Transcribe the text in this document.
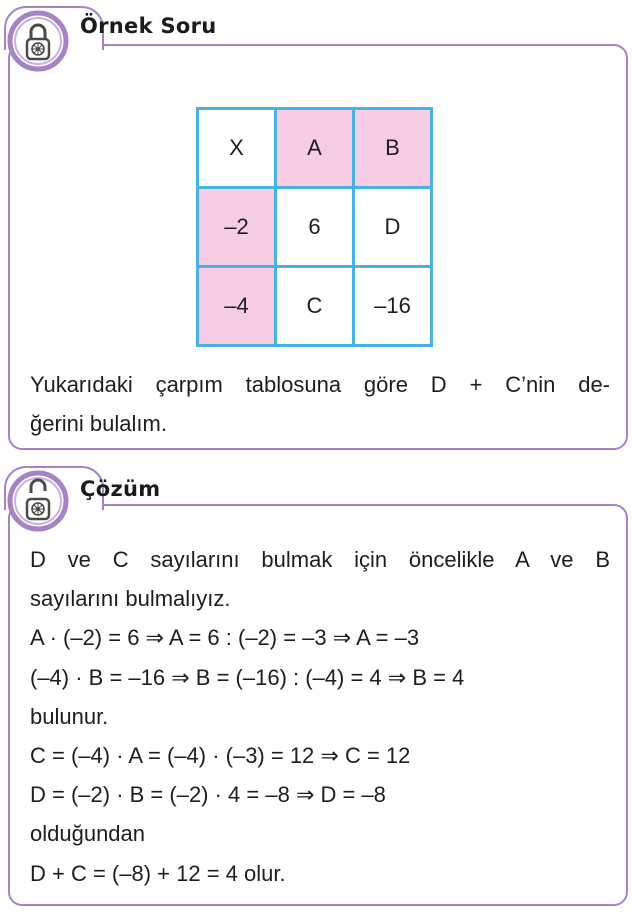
Örnek Soru
X	A	B
–2	6	D
–4	C	–16
Yukarıdaki çarpım tablosuna göre D + C’nin de-
ğerini bulalım.
Çözüm
D ve C sayılarını bulmak için öncelikle A ve B
sayılarını bulmalıyız.
A · (–2) = 6 ⇒ A = 6 : (–2) = –3 ⇒ A = –3
(–4) · B = –16 ⇒ B = (–16) : (–4) = 4 ⇒ B = 4
bulunur.
C = (–4) · A = (–4) · (–3) = 12 ⇒ C = 12
D = (–2) · B = (–2) · 4 = –8 ⇒ D = –8
olduğundan
D + C = (–8) + 12 = 4 olur.
